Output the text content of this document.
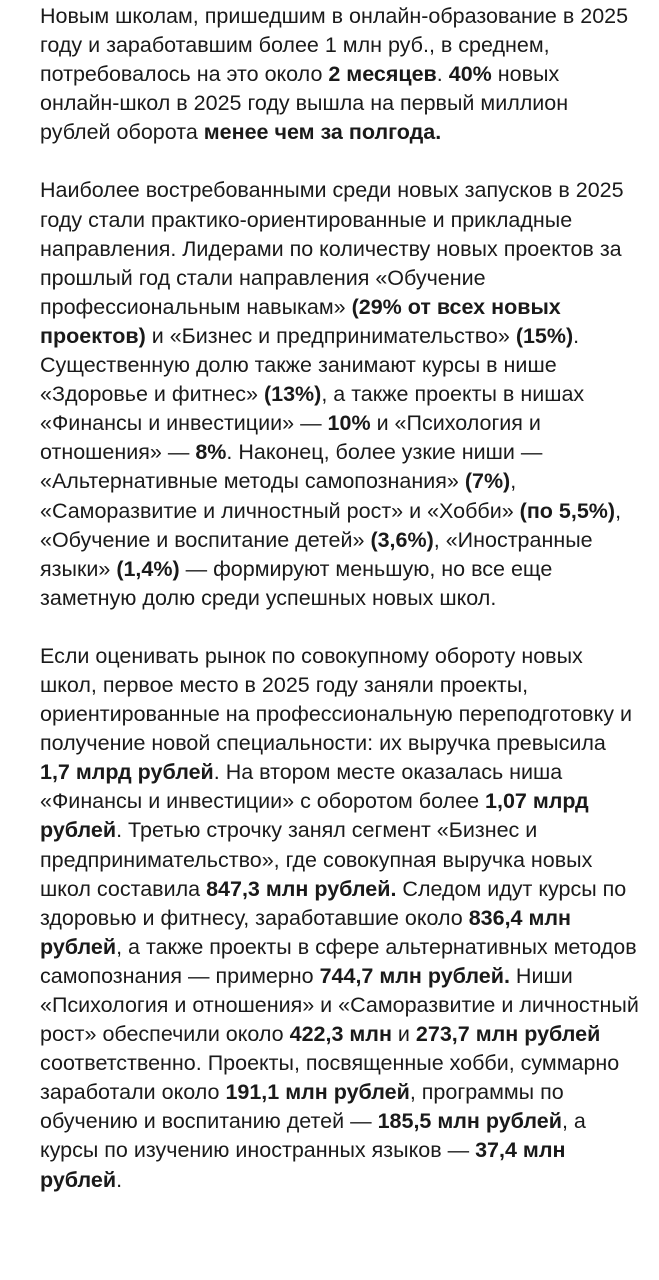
Новым школам, пришедшим в онлайн-образование в 2025 году и заработавшим более 1 млн руб., в среднем, потребовалось на это около 2 месяцев. 40% новых онлайн-школ в 2025 году вышла на первый миллион рублей оборота менее чем за полгода.

Наиболее востребованными среди новых запусков в 2025 году стали практико-ориентированные и прикладные направления. Лидерами по количеству новых проектов за прошлый год стали направления «Обучение профессиональным навыкам» (29% от всех новых проектов) и «Бизнес и предпринимательство» (15%). Существенную долю также занимают курсы в нише «Здоровье и фитнес» (13%), а также проекты в нишах «Финансы и инвестиции» — 10% и «Психология и отношения» — 8%. Наконец, более узкие ниши — «Альтернативные методы самопознания» (7%), «Саморазвитие и личностный рост» и «Хобби» (по 5,5%), «Обучение и воспитание детей» (3,6%), «Иностранные языки» (1,4%) — формируют меньшую, но все еще заметную долю среди успешных новых школ.

Если оценивать рынок по совокупному обороту новых школ, первое место в 2025 году заняли проекты, ориентированные на профессиональную переподготовку и получение новой специальности: их выручка превысила 1,7 млрд рублей. На втором месте оказалась ниша «Финансы и инвестиции» с оборотом более 1,07 млрд рублей. Третью строчку занял сегмент «Бизнес и предпринимательство», где совокупная выручка новых школ составила 847,3 млн рублей. Следом идут курсы по здоровью и фитнесу, заработавшие около 836,4 млн рублей, а также проекты в сфере альтернативных методов самопознания — примерно 744,7 млн рублей. Ниши «Психология и отношения» и «Саморазвитие и личностный рост» обеспечили около 422,3 млн и 273,7 млн рублей соответственно. Проекты, посвященные хобби, суммарно заработали около 191,1 млн рублей, программы по обучению и воспитанию детей — 185,5 млн рублей, а курсы по изучению иностранных языков — 37,4 млн рублей.
